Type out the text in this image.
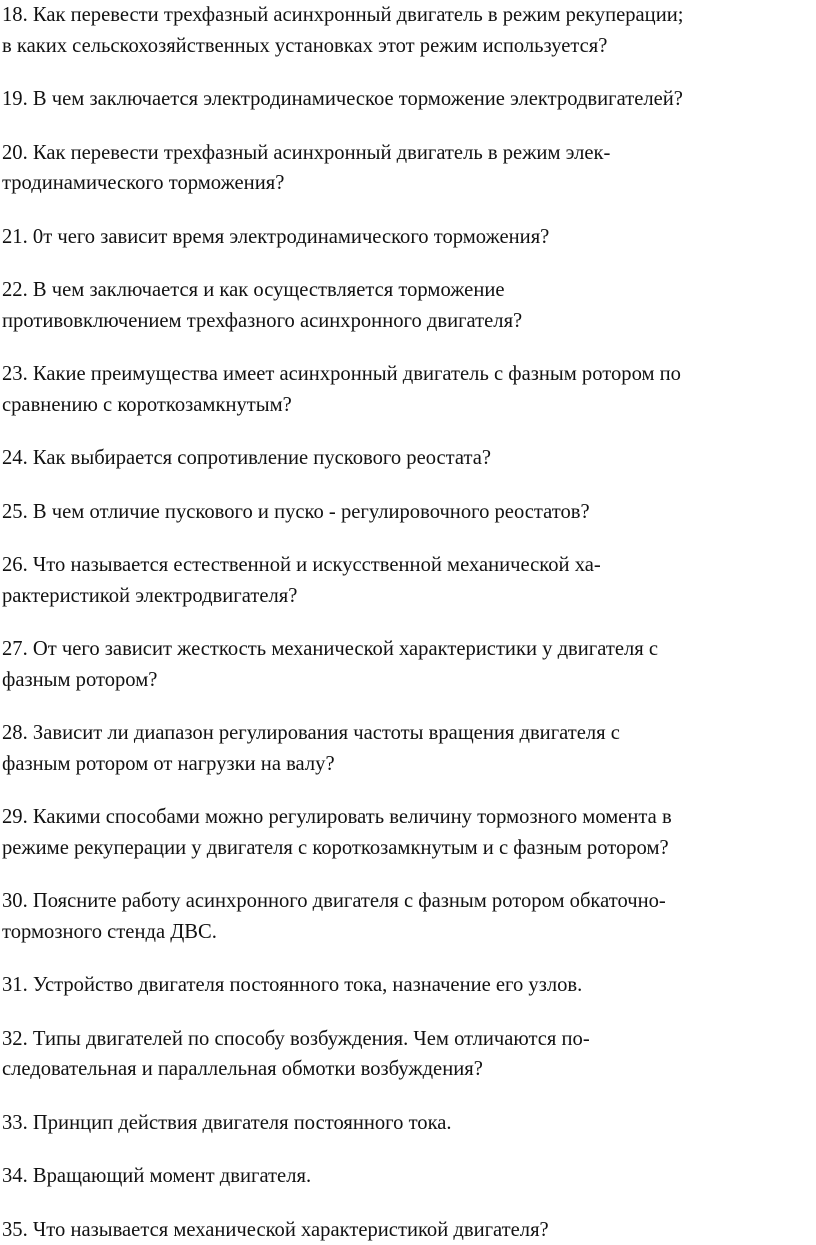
18. Как перевести трехфазный асинхронный двигатель в режим рекуперации;
в каких сельскохозяйственных установках этот режим используется?

19. В чем заключается электродинамическое торможение электродвигателей?

20. Как перевести трехфазный асинхронный двигатель в режим элек-
тродинамического торможения?

21. 0т чего зависит время электродинамического торможения?

22. В чем заключается и как осуществляется торможение
противовключением трехфазного асинхронного двигателя?

23. Какие преимущества имеет асинхронный двигатель с фазным ротором по
сравнению с короткозамкнутым?

24. Как выбирается сопротивление пускового реостата?

25. В чем отличие пускового и пуско - регулировочного реостатов?

26. Что называется естественной и искусственной механической ха-
рактеристикой электродвигателя?

27. От чего зависит жесткость механической характеристики у двигателя с
фазным ротором?

28. Зависит ли диапазон регулирования частоты вращения двигателя с
фазным ротором от нагрузки на валу?

29. Какими способами можно регулировать величину тормозного момента в
режиме рекуперации у двигателя с короткозамкнутым и с фазным ротором?

30. Поясните работу асинхронного двигателя с фазным ротором обкаточно-
тормозного стенда ДВС.

31. Устройство двигателя постоянного тока, назначение его узлов.

32. Типы двигателей по способу возбуждения. Чем отличаются по-
следовательная и параллельная обмотки возбуждения?

33. Принцип действия двигателя постоянного тока.

34. Вращающий момент двигателя.

35. Что называется механической характеристикой двигателя?
